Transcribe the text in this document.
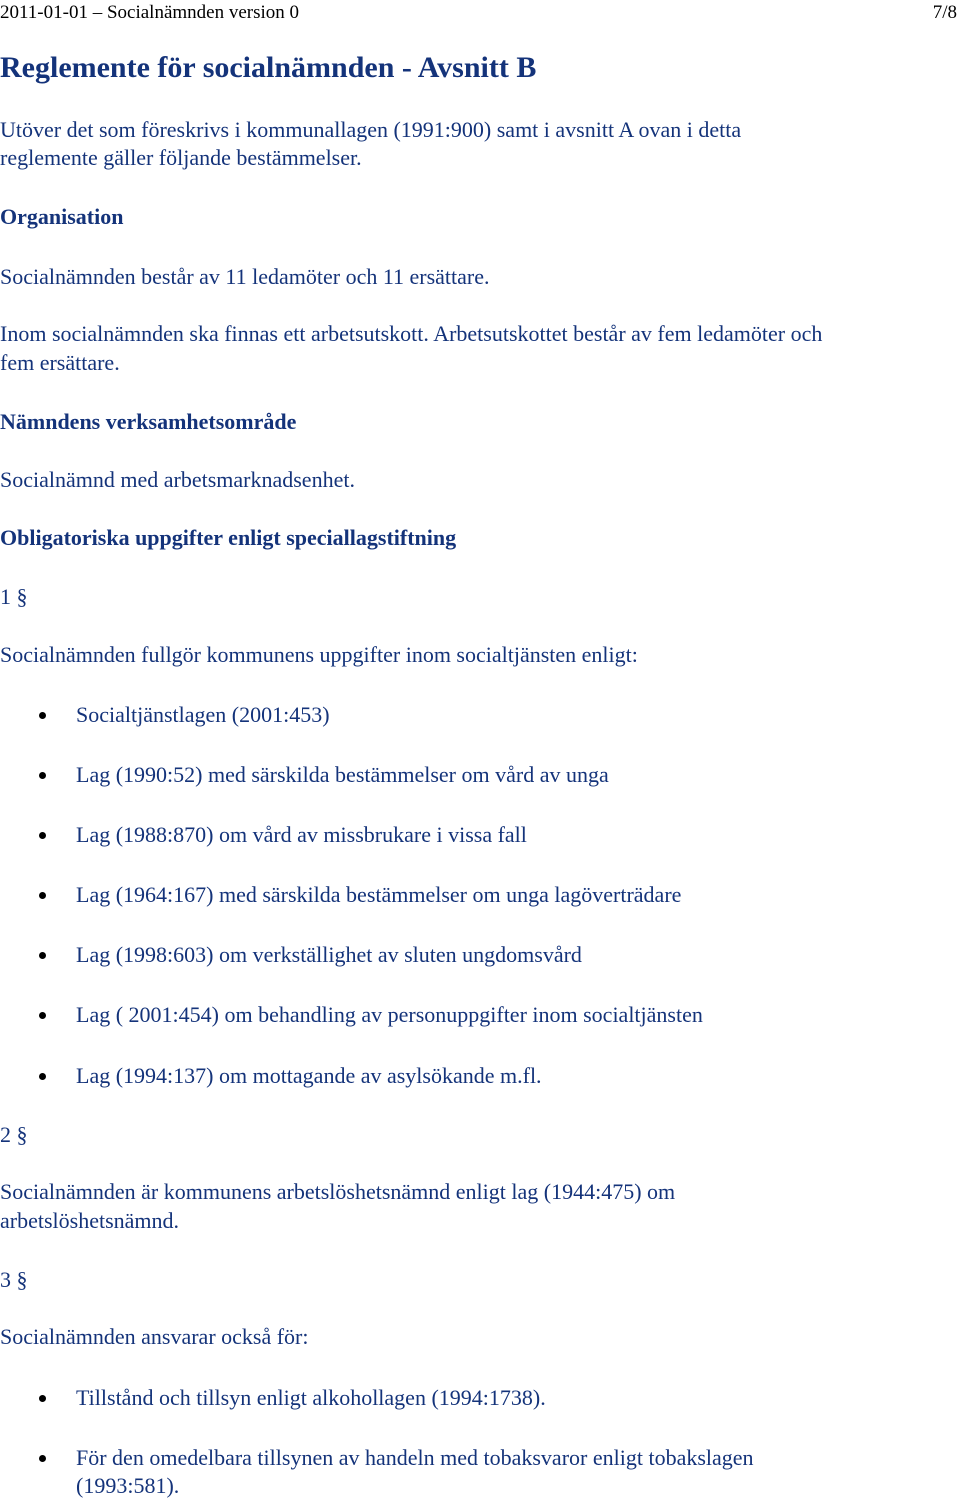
2011-01-01 – Socialnämnden version 0	7/8
Reglemente för socialnämnden - Avsnitt B
Utöver det som föreskrivs i kommunallagen (1991:900) samt i avsnitt A ovan i detta
reglemente gäller följande bestämmelser.
Organisation
Socialnämnden består av 11 ledamöter och 11 ersättare.
Inom socialnämnden ska finnas ett arbetsutskott. Arbetsutskottet består av fem ledamöter och
fem ersättare.
Nämndens verksamhetsområde
Socialnämnd med arbetsmarknadsenhet.
Obligatoriska uppgifter enligt speciallagstiftning
1 §
Socialnämnden fullgör kommunens uppgifter inom socialtjänsten enligt:
Socialtjänstlagen (2001:453)
Lag (1990:52) med särskilda bestämmelser om vård av unga
Lag (1988:870) om vård av missbrukare i vissa fall
Lag (1964:167) med särskilda bestämmelser om unga lagöverträdare
Lag (1998:603) om verkställighet av sluten ungdomsvård
Lag ( 2001:454) om behandling av personuppgifter inom socialtjänsten
Lag (1994:137) om mottagande av asylsökande m.fl.
2 §
Socialnämnden är kommunens arbetslöshetsnämnd enligt lag (1944:475) om
arbetslöshetsnämnd.
3 §
Socialnämnden ansvarar också för:
Tillstånd och tillsyn enligt alkohollagen (1994:1738).
För den omedelbara tillsynen av handeln med tobaksvaror enligt tobakslagen
(1993:581).
